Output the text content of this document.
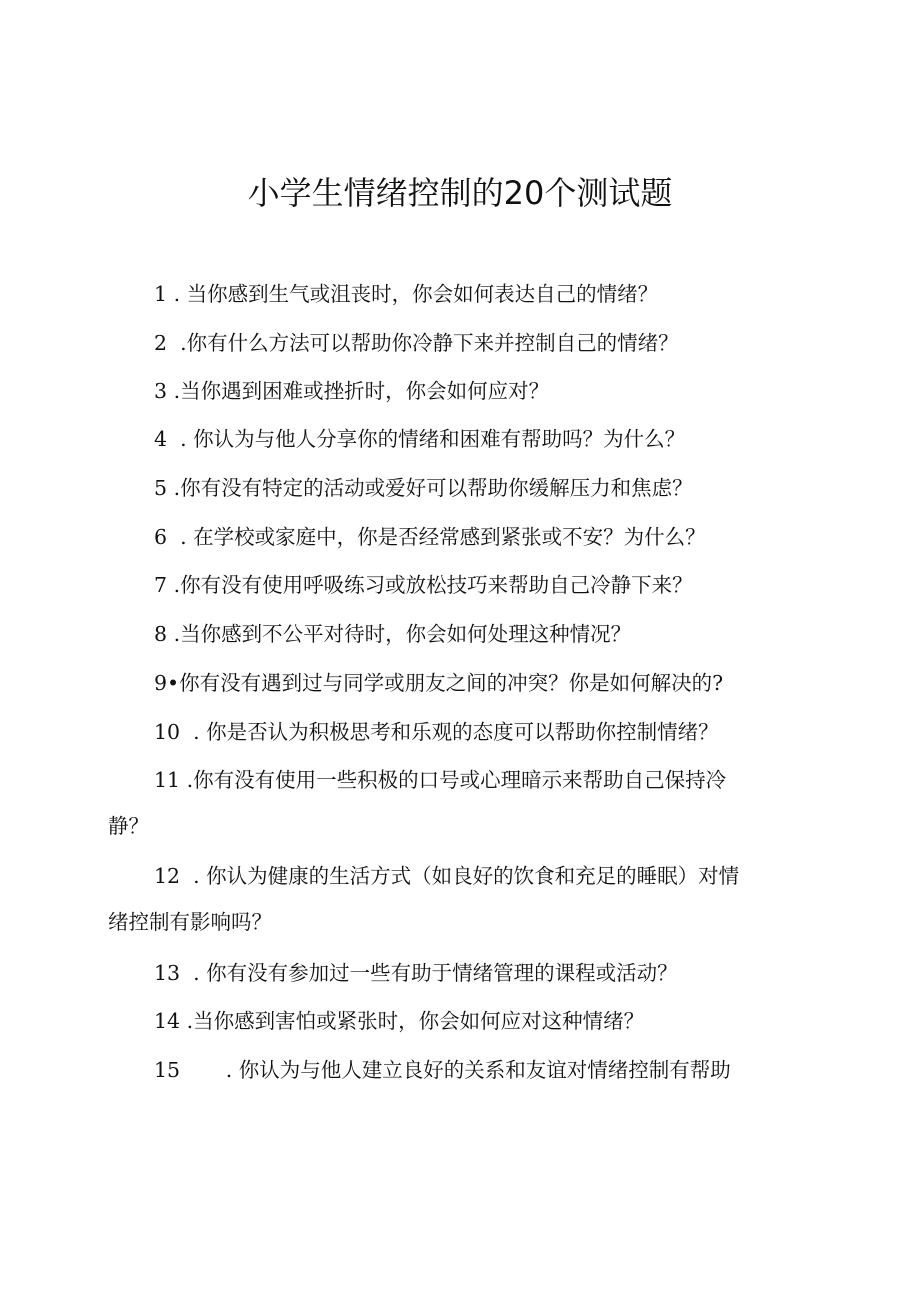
小学生情绪控制的20个测试题

1 . 当你感到生气或沮丧时，你会如何表达自己的情绪？

2  .你有什么方法可以帮助你冷静下来并控制自己的情绪？

3 .当你遇到困难或挫折时，你会如何应对？

4  . 你认为与他人分享你的情绪和困难有帮助吗？为什么？

5 .你有没有特定的活动或爱好可以帮助你缓解压力和焦虑？

6  . 在学校或家庭中，你是否经常感到紧张或不安？为什么？

7 .你有没有使用呼吸练习或放松技巧来帮助自己冷静下来？

8 .当你感到不公平对待时，你会如何处理这种情况？

9•你有没有遇到过与同学或朋友之间的冲突？你是如何解决的?

10  . 你是否认为积极思考和乐观的态度可以帮助你控制情绪？

11 .你有没有使用一些积极的口号或心理暗示来帮助自己保持冷
静？

12  . 你认为健康的生活方式（如良好的饮食和充足的睡眠）对情
绪控制有影响吗？

13  . 你有没有参加过一些有助于情绪管理的课程或活动？

14 .当你感到害怕或紧张时，你会如何应对这种情绪？

15       . 你认为与他人建立良好的关系和友谊对情绪控制有帮助
